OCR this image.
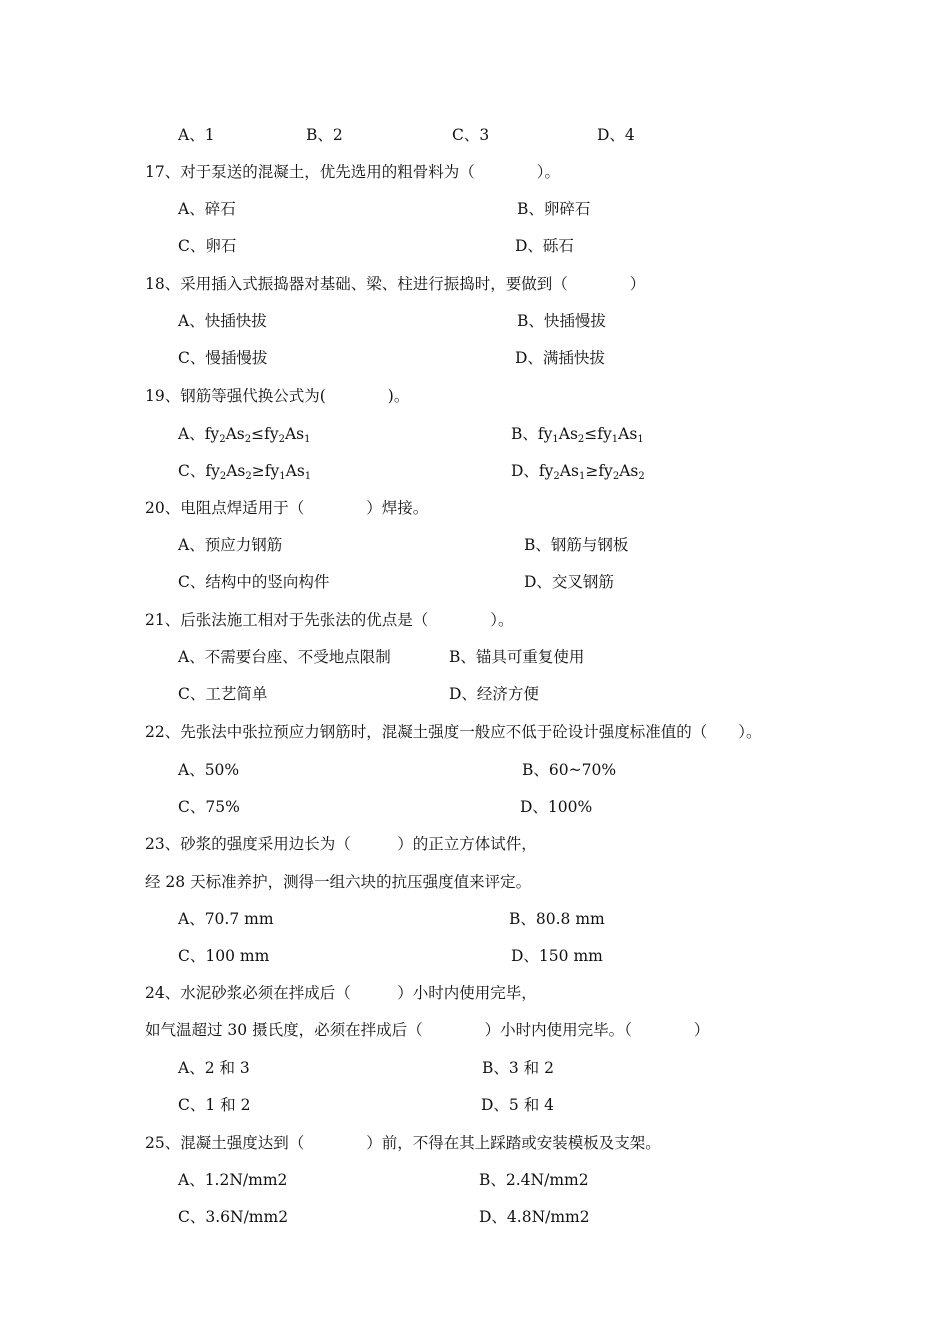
A、1	B、2	C、3	D、4
17、对于泵送的混凝土，优先选用的粗骨料为（　　　　）。
A、碎石	B、卵碎石
C、卵石	D、砾石
18、采用插入式振捣器对基础、梁、柱进行振捣时，要做到（　　　　）
A、快插快拔	B、快插慢拔
C、慢插慢拔	D、满插快拔
19、钢筋等强代换公式为(　　　　)。
A、$fy_2As_2\le fy_2As_1$	B、$fy_1As_2\le fy_1As_1$
C、$fy_2As_2\ge fy_1As_1$	D、$fy_2As_1\ge fy_2As_2$
20、电阻点焊适用于（　　　　）焊接。
A、预应力钢筋	B、钢筋与钢板
C、结构中的竖向构件	D、交叉钢筋
21、后张法施工相对于先张法的优点是（　　　　）。
A、不需要台座、不受地点限制	B、锚具可重复使用
C、工艺简单	D、经济方便
22、先张法中张拉预应力钢筋时，混凝土强度一般应不低于砼设计强度标准值的（　　）。
A、50%	B、60~70%
C、75%	D、100%
23、砂浆的强度采用边长为（　　　）的正立方体试件，
经 28 天标准养护，测得一组六块的抗压强度值来评定。
A、70.7 mm	B、80.8 mm
C、100 mm	D、150 mm
24、水泥砂浆必须在拌成后（　　　）小时内使用完毕，
如气温超过 30 摄氏度，必须在拌成后（　　　　）小时内使用完毕。（　　　　）
A、2 和 3	B、3 和 2
C、1 和 2	D、5 和 4
25、混凝土强度达到（　　　　）前，不得在其上踩踏或安装模板及支架。
A、1.2N/mm2	B、2.4N/mm2
C、3.6N/mm2	D、4.8N/mm2
